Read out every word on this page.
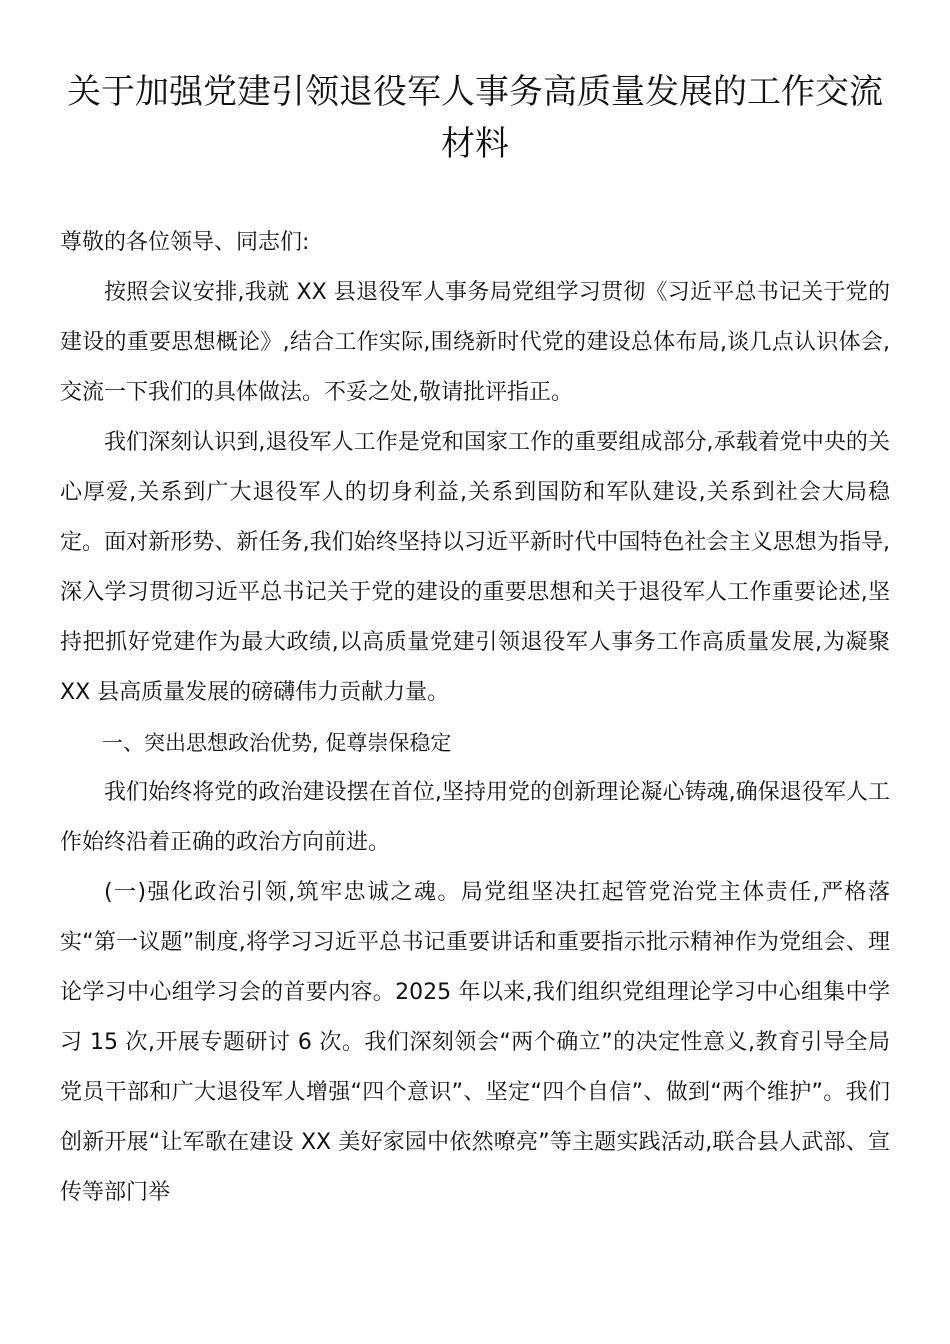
关于加强党建引领退役军人事务高质量发展的工作交流材料

尊敬的各位领导、同志们:

按照会议安排,我就 XX 县退役军人事务局党组学习贯彻《习近平总书记关于党的建设的重要思想概论》,结合工作实际,围绕新时代党的建设总体布局,谈几点认识体会,交流一下我们的具体做法。不妥之处,敬请批评指正。

我们深刻认识到,退役军人工作是党和国家工作的重要组成部分,承载着党中央的关心厚爱,关系到广大退役军人的切身利益,关系到国防和军队建设,关系到社会大局稳定。面对新形势、新任务,我们始终坚持以习近平新时代中国特色社会主义思想为指导,深入学习贯彻习近平总书记关于党的建设的重要思想和关于退役军人工作重要论述,坚持把抓好党建作为最大政绩,以高质量党建引领退役军人事务工作高质量发展,为凝聚 XX 县高质量发展的磅礴伟力贡献力量。

一、突出思想政治优势, 促尊崇保稳定

我们始终将党的政治建设摆在首位,坚持用党的创新理论凝心铸魂,确保退役军人工作始终沿着正确的政治方向前进。

(一)强化政治引领,筑牢忠诚之魂。局党组坚决扛起管党治党主体责任,严格落实“第一议题”制度,将学习习近平总书记重要讲话和重要指示批示精神作为党组会、理论学习中心组学习会的首要内容。2025 年以来,我们组织党组理论学习中心组集中学习 15 次,开展专题研讨 6 次。我们深刻领会“两个确立”的决定性意义,教育引导全局党员干部和广大退役军人增强“四个意识”、坚定“四个自信”、做到“两个维护”。我们创新开展“让军歌在建设 XX 美好家园中依然嘹亮”等主题实践活动,联合县人武部、宣传等部门举
